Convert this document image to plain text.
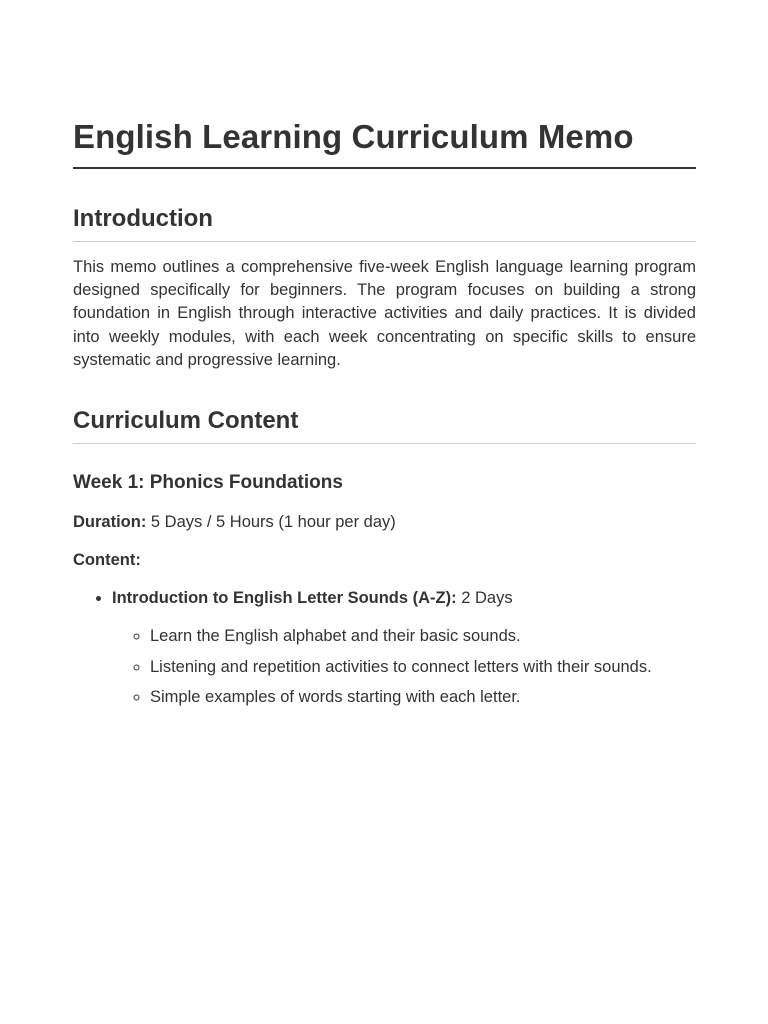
English Learning Curriculum Memo
Introduction

This memo outlines a comprehensive five-week English language learning program designed specifically for beginners. The program focuses on building a strong foundation in English through interactive activities and daily practices. It is divided into weekly modules, with each week concentrating on specific skills to ensure systematic and progressive learning.

Curriculum Content
Week 1: Phonics Foundations

Duration: 5 Days / 5 Hours (1 hour per day)

Content:

• Introduction to English Letter Sounds (A-Z): 2 Days
◦ Learn the English alphabet and their basic sounds.
◦ Listening and repetition activities to connect letters with their sounds.
◦ Simple examples of words starting with each letter.
